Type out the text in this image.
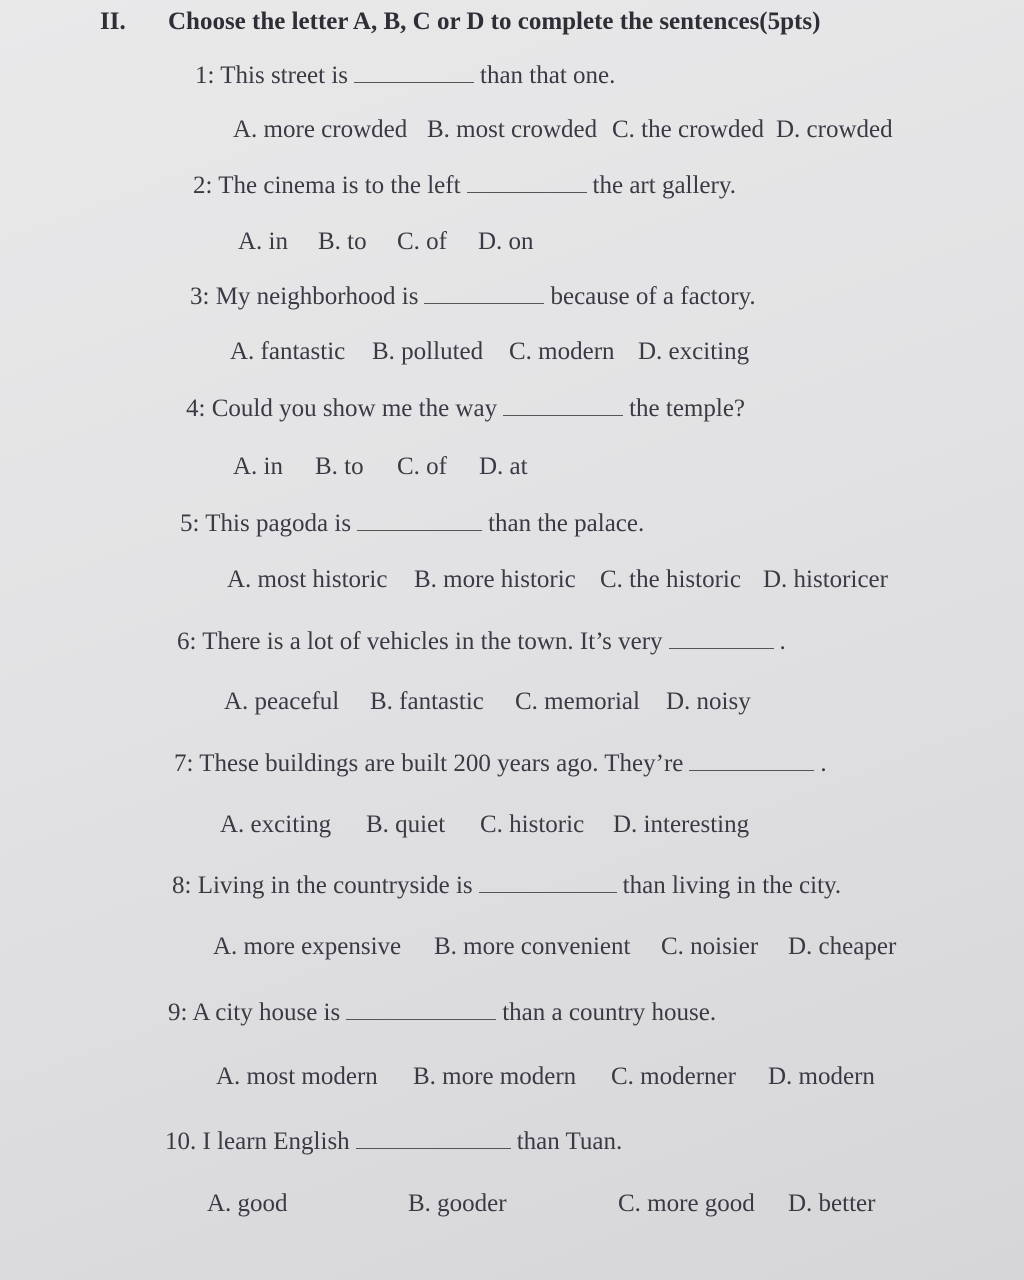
II. Choose the letter A, B, C or D to complete the sentences(5pts)
1: This street is	than that one.
A. more crowded B. most crowded C. the crowded D. crowded
2: The cinema is to the left	the art gallery.
A. in B. to C. of D. on
3: My neighborhood is	because of a factory.
A. fantastic B. polluted C. modern D. exciting
4: Could you show me the way	the temple?
A. in B. to C. of D. at
5: This pagoda is	than the palace.
A. most historic B. more historic C. the historic D. historicer
6: There is a lot of vehicles in the town. It’s very	.
A. peaceful B. fantastic C. memorial D. noisy
7: These buildings are built 200 years ago. They’re	.
A. exciting B. quiet C. historic D. interesting
8: Living in the countryside is	than living in the city.
A. more expensive B. more convenient C. noisier D. cheaper
9: A city house is	than a country house.
A. most modern B. more modern C. moderner D. modern
10. I learn English	than Tuan.
A. good	B. gooder	C. more good D. better
